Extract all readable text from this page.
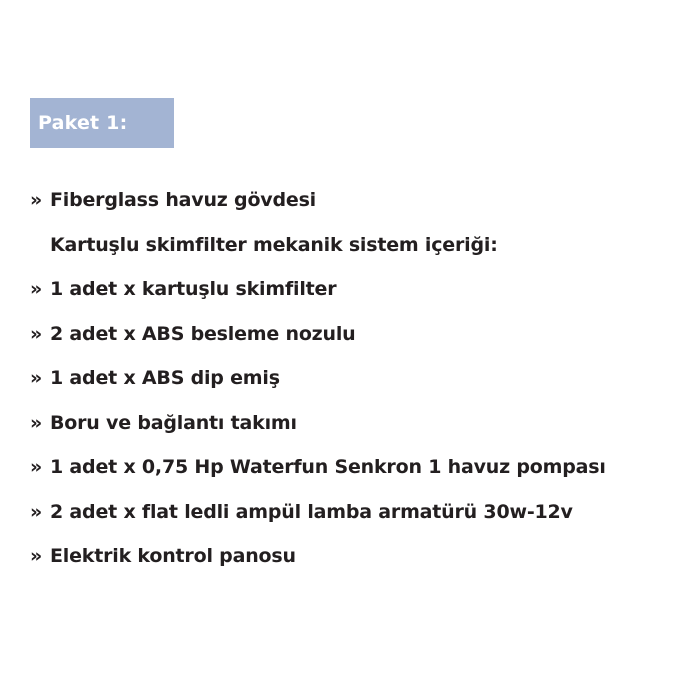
Paket 1:
» Fiberglass havuz gövdesi
Kartuşlu skimfilter mekanik sistem içeriği:
» 1 adet x kartuşlu skimfilter
» 2 adet x ABS besleme nozulu
» 1 adet x ABS dip emiş
» Boru ve bağlantı takımı
» 1 adet x 0,75 Hp Waterfun Senkron 1 havuz pompası
» 2 adet x flat ledli ampül lamba armatürü 30w-12v
» Elektrik kontrol panosu
